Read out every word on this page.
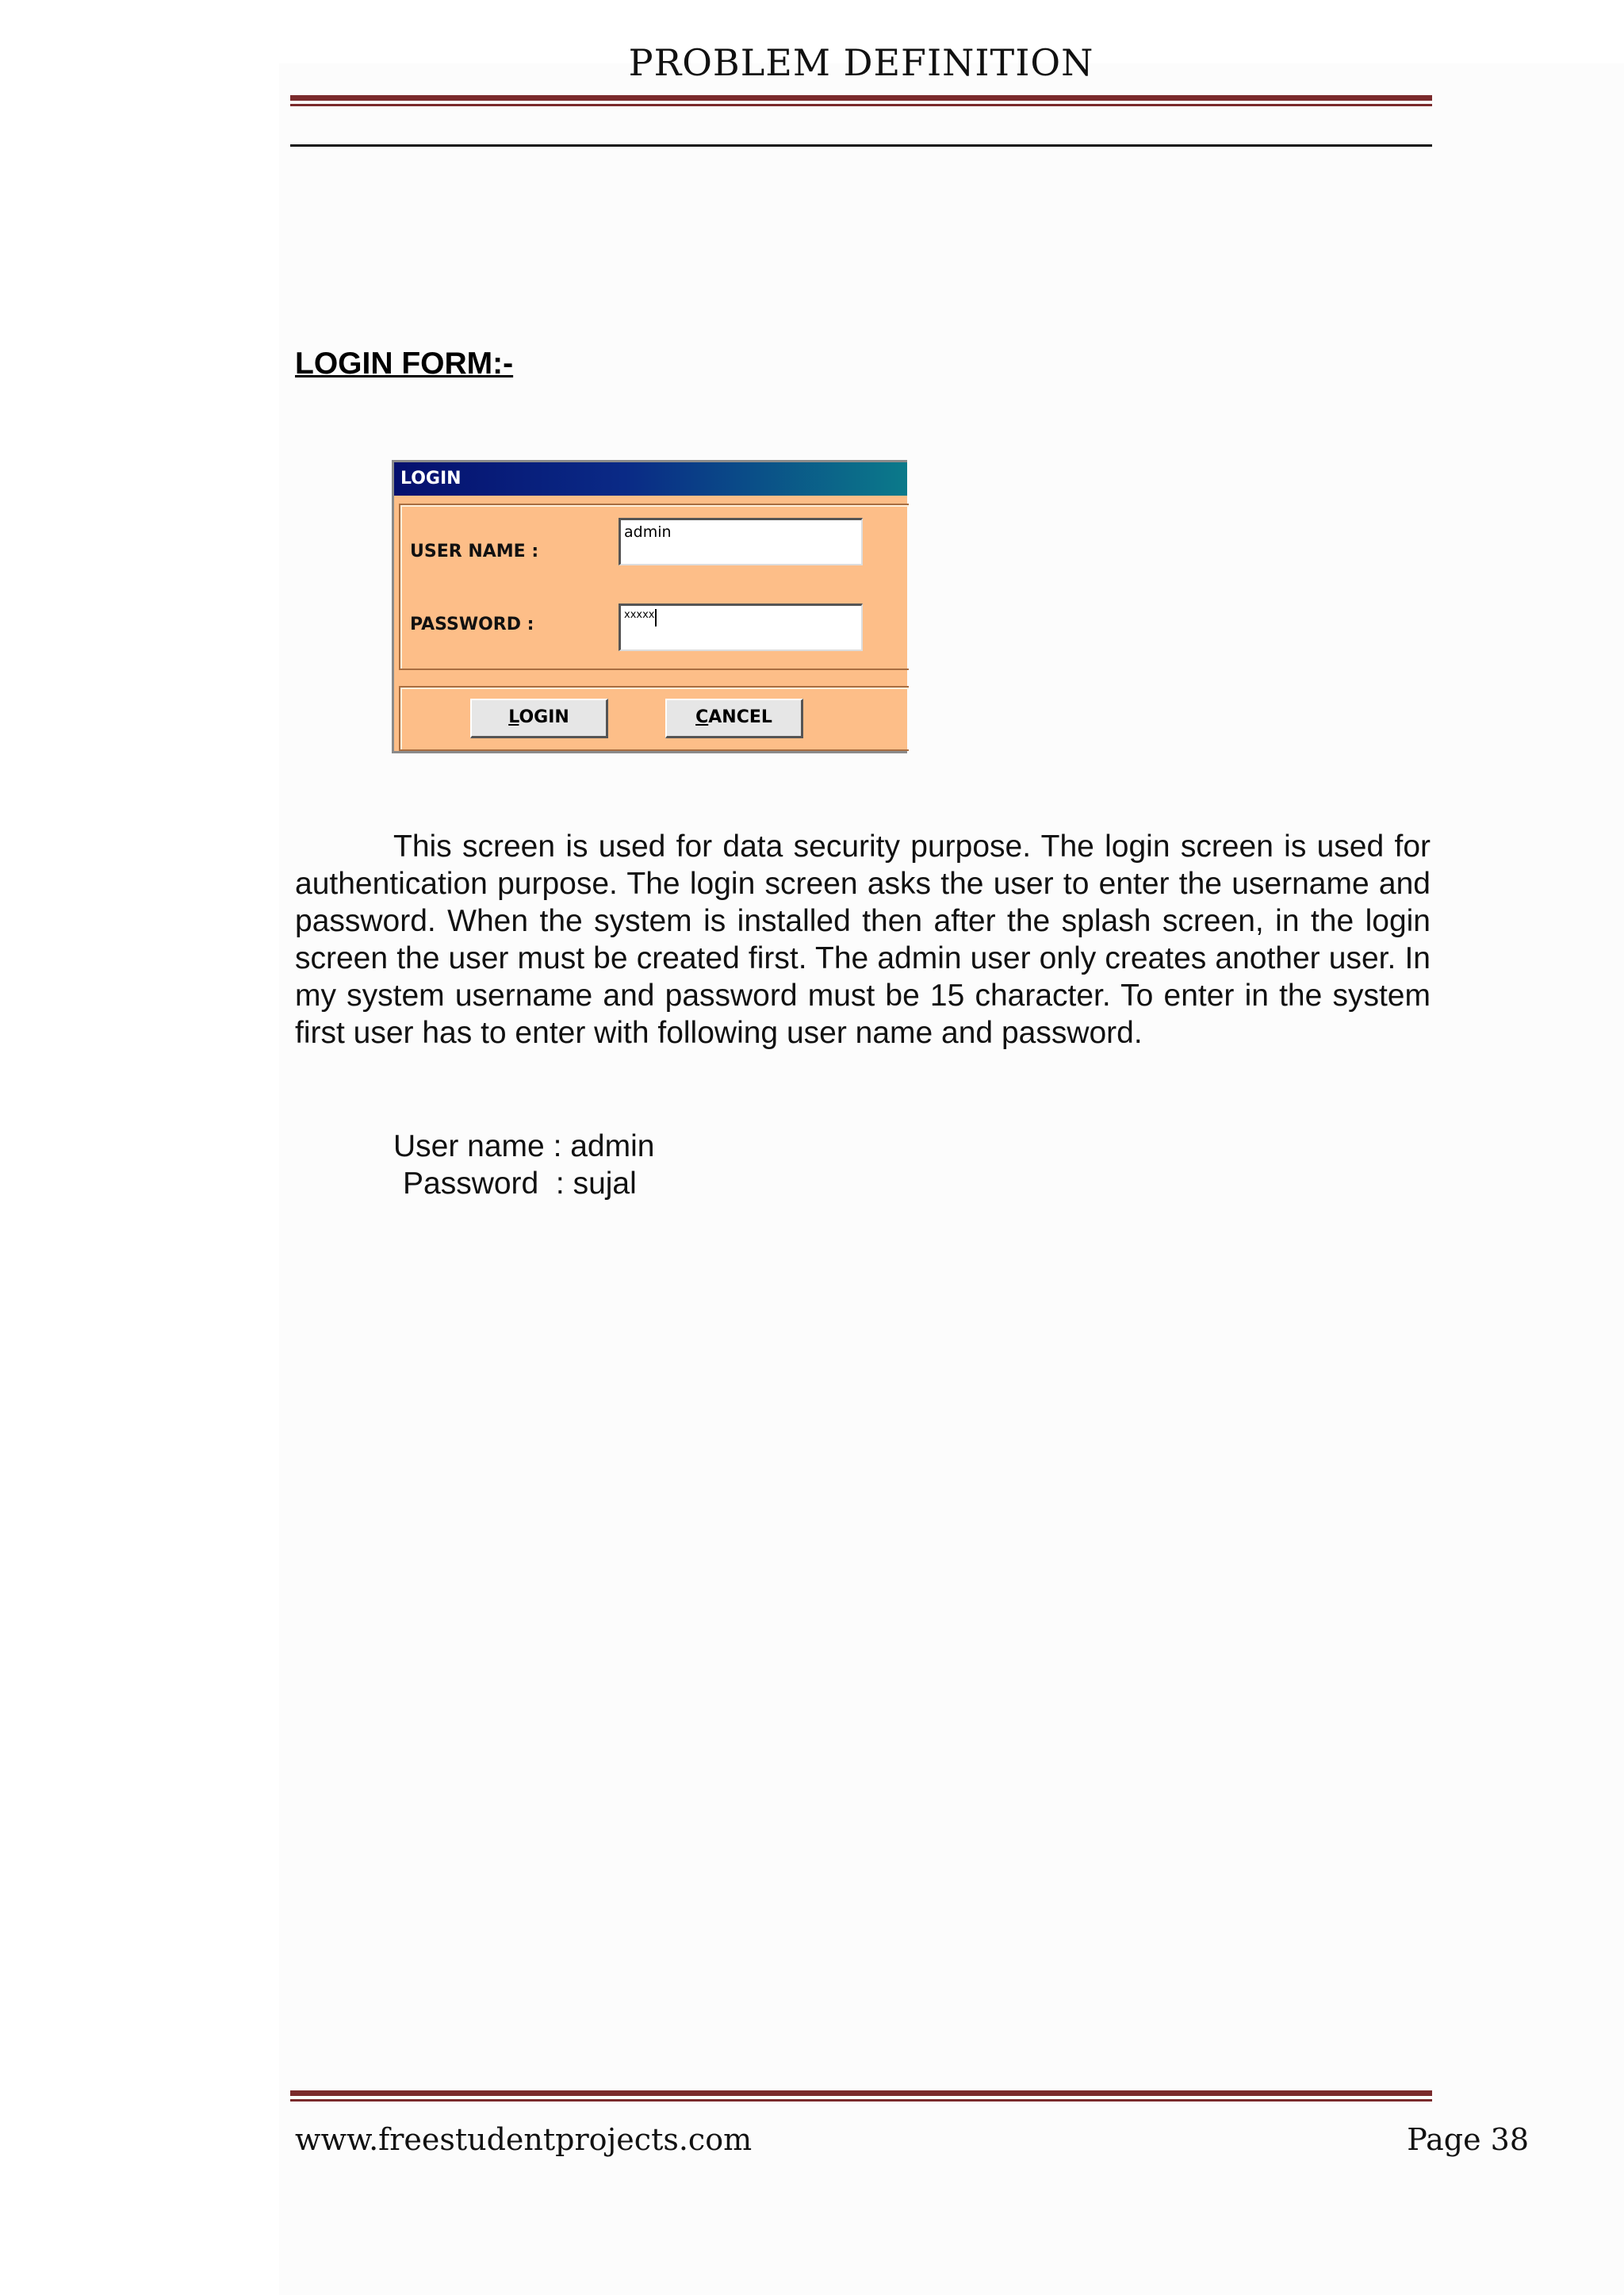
PROBLEM DEFINITION
LOGIN FORM:-
LOGIN
USER NAME :
admin
PASSWORD :	xxxxx
LOGIN	CANCEL

This screen is used for data security purpose. The login screen is used for authentication purpose. The login screen asks the user to enter the username and password. When the system is installed then after the splash screen, in the login screen the user must be created first. The admin user only creates another user. In my system username and password must be 15 character. To enter in the system first user has to enter with following user name and password.

User name : admin
Password  : sujal
www.freestudentprojects.com	Page 38
